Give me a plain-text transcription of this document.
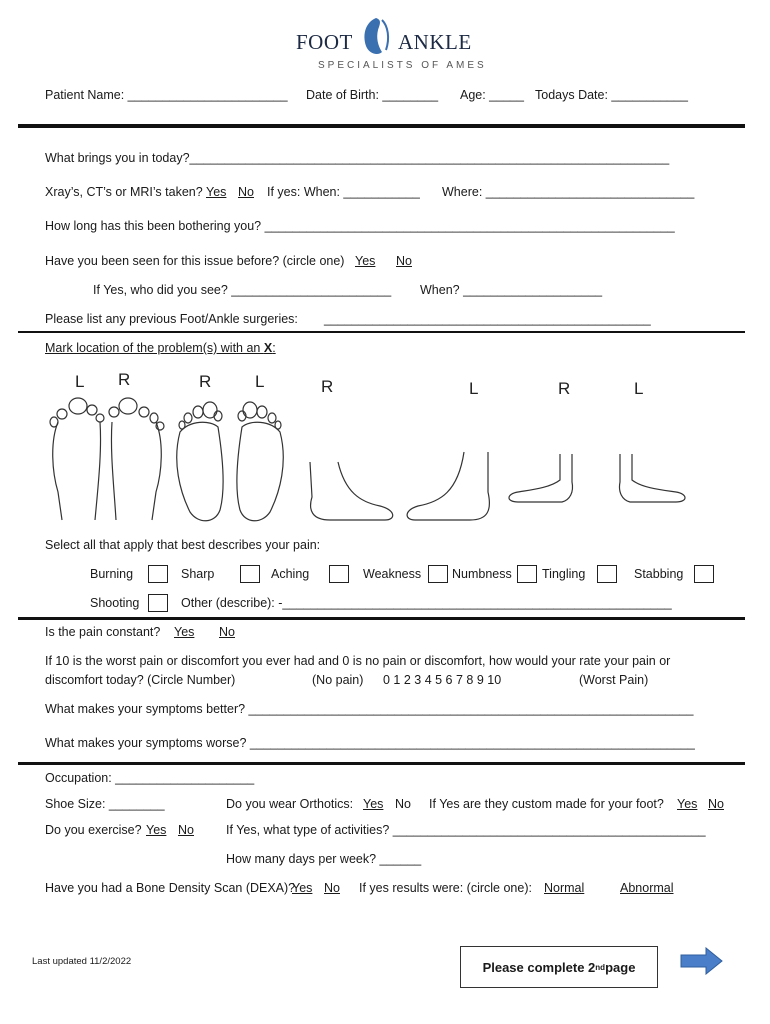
FOOT ANKLE
SPECIALISTS OF AMES
Patient Name: _______________________ Date of Birth: ________ Age: _____ Todays Date: ___________
What brings you in today?_____________________________________________________________________
Xray’s, CT’s or MRI’s taken? Yes No If yes: When: ___________ Where: ______________________________
How long has this been bothering you? ___________________________________________________________
Have you been seen for this issue before? (circle one) Yes No
If Yes, who did you see? _______________________ When? ____________________
Please list any previous Foot/Ankle surgeries: _______________________________________________
Mark location of the problem(s) with an X:
L R	R	L	R	L	R	L
Select all that apply that best describes your pain:
Burning	Sharp	Aching	Weakness Numbness Tingling	Stabbing
Shooting	Other (describe): -________________________________________________________
Is the pain constant? Yes No
If 10 is the worst pain or discomfort you ever had and 0 is no pain or discomfort, how would your rate your pain or
discomfort today? (Circle Number)	(No pain) 0 1 2 3 4 5 6 7 8 9 10	(Worst Pain)
What makes your symptoms better? ________________________________________________________________
What makes your symptoms worse? ________________________________________________________________
Occupation: ____________________
Shoe Size: ________	Do you wear Orthotics: Yes No If Yes are they custom made for your foot? Yes No
Do you exercise? Yes No	If Yes, what type of activities? _____________________________________________
How many days per week? ______
Have you had a Bone Density Scan (DEXA)?
Yes No If yes results were: (circle one): Normal	Abnormal
Last updated 11/2/2022	Please complete 2 nd page
